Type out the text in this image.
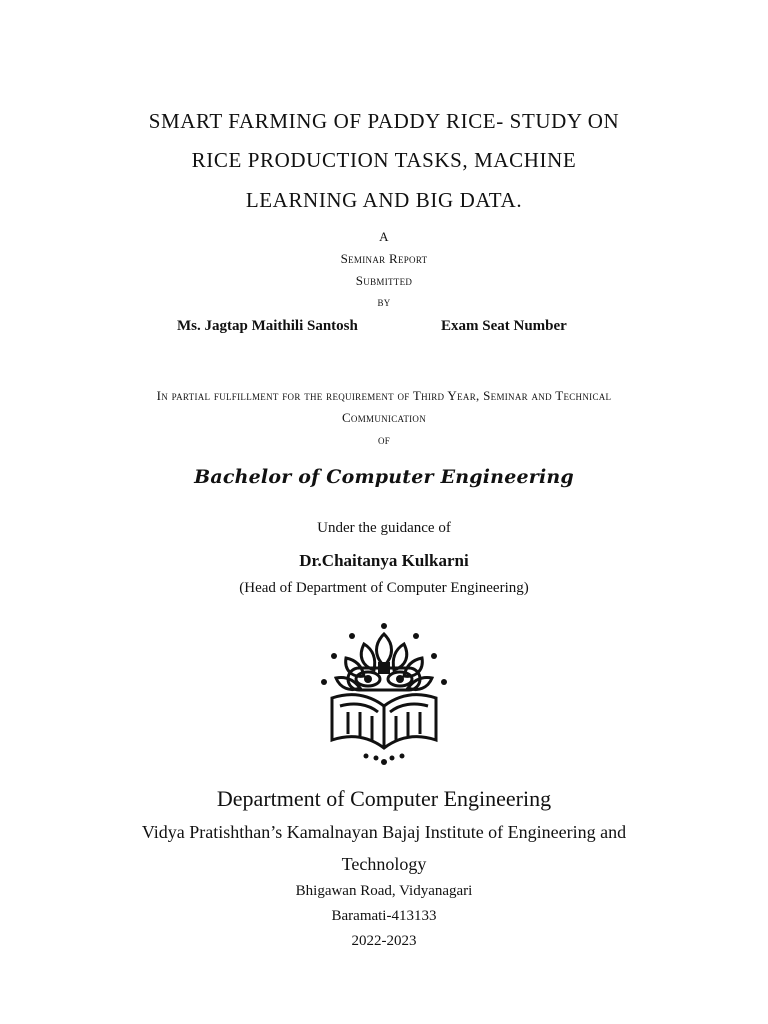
SMART FARMING OF PADDY RICE- STUDY ON

RICE PRODUCTION TASKS, MACHINE

LEARNING AND BIG DATA.

A

Seminar Report

Submitted

by

Ms. Jagtap Maithili Santosh	Exam Seat Number

In partial fulfillment for the requirement of Third Year, Seminar and Technical

Communication

of

Bachelor of Computer Engineering

Under the guidance of

Dr.Chaitanya Kulkarni

(Head of Department of Computer Engineering)

Department of Computer Engineering

Vidya Pratishthan’s Kamalnayan Bajaj Institute of Engineering and

Technology

Bhigawan Road, Vidyanagari

Baramati-413133

2022-2023
